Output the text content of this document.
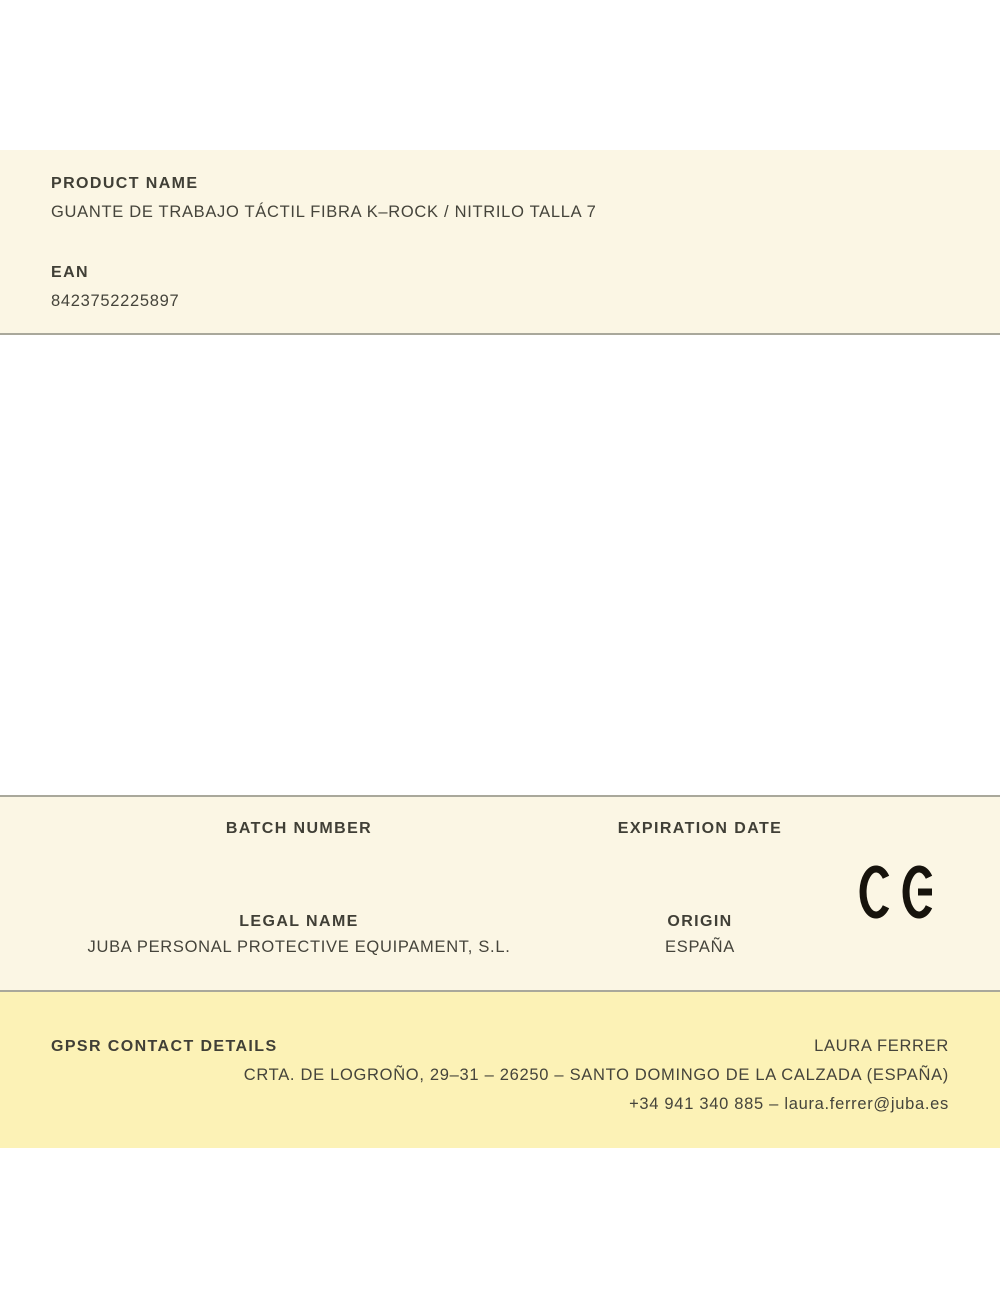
PRODUCT NAME
GUANTE DE TRABAJO TÁCTIL FIBRA K–ROCK / NITRILO TALLA 7
EAN
8423752225897
BATCH NUMBER	EXPIRATION DATE
LEGAL NAME
JUBA PERSONAL PROTECTIVE EQUIPAMENT, S.L.
ORIGIN
ESPAÑA
GPSR CONTACT DETAILS	LAURA FERRER
CRTA. DE LOGROÑO, 29–31 – 26250 – SANTO DOMINGO DE LA CALZADA (ESPAÑA)
+34 941 340 885 – laura.ferrer@juba.es
